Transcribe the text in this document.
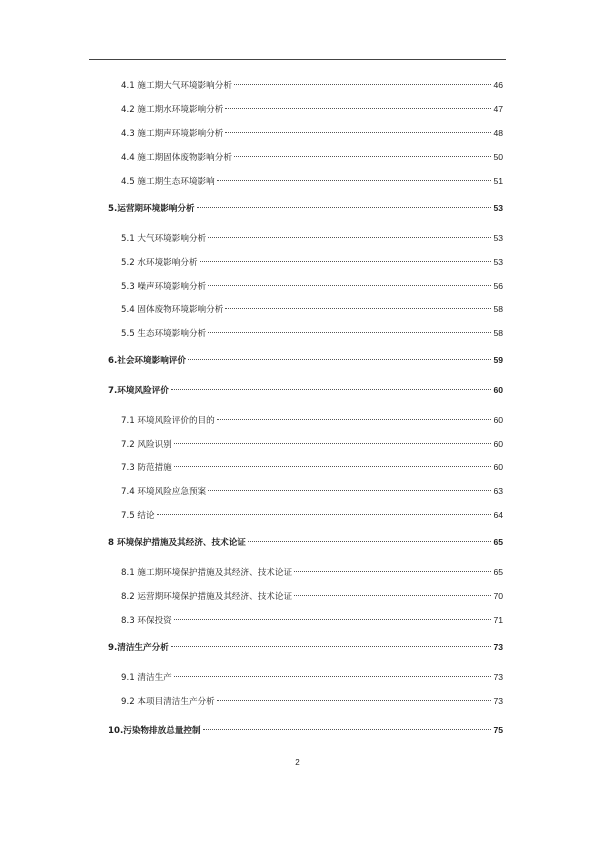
4.1 施工期大气环境影响分析	46
4.2 施工期水环境影响分析	47
4.3 施工期声环境影响分析	48
4.4 施工期固体废物影响分析	50
4.5 施工期生态环境影响	51
5.运营期环境影响分析	53
5.1 大气环境影响分析	53
5.2 水环境影响分析	53
5.3 噪声环境影响分析	56
5.4 固体废物环境影响分析	58
5.5 生态环境影响分析	58
6.社会环境影响评价	59
7.环境风险评价	60
7.1 环境风险评价的目的	60
7.2 风险识别	60
7.3 防范措施	60
7.4 环境风险应急预案	63
7.5 结论	64
8 环境保护措施及其经济、技术论证	65
8.1 施工期环境保护措施及其经济、技术论证	65
8.2 运营期环境保护措施及其经济、技术论证	70
8.3 环保投资	71
9.清洁生产分析	73
9.1 清洁生产	73
9.2 本项目清洁生产分析	73
10.污染物排放总量控制	75
2
